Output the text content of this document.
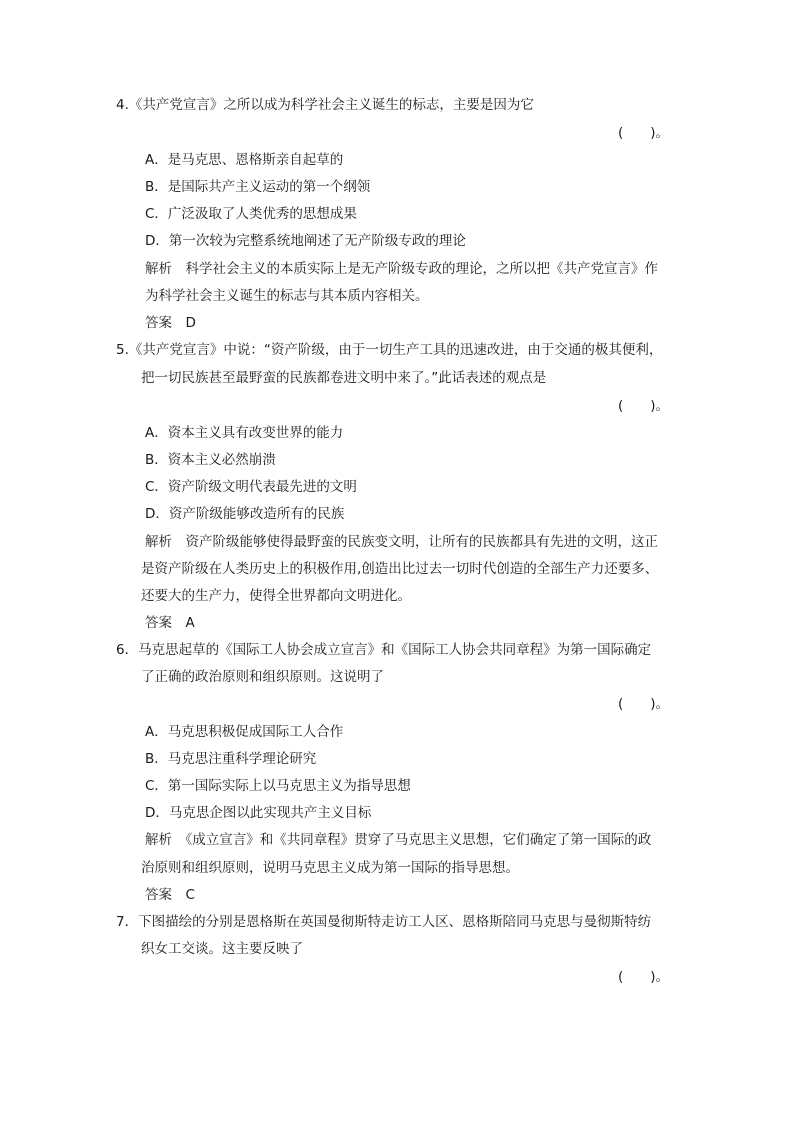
4.《共产党宣言》之所以成为科学社会主义诞生的标志，主要是因为它
(　　)。
A．是马克思、恩格斯亲自起草的
B．是国际共产主义运动的第一个纲领
C．广泛汲取了人类优秀的思想成果
D．第一次较为完整系统地阐述了无产阶级专政的理论
解析　科学社会主义的本质实际上是无产阶级专政的理论，之所以把《共产党宣言》作
为科学社会主义诞生的标志与其本质内容相关。
答案　D
5.《共产党宣言》中说：“资产阶级，由于一切生产工具的迅速改进，由于交通的极其便利，
把一切民族甚至最野蛮的民族都卷进文明中来了。”此话表述的观点是
(　　)。
A．资本主义具有改变世界的能力
B．资本主义必然崩溃
C．资产阶级文明代表最先进的文明
D．资产阶级能够改造所有的民族
解析　资产阶级能够使得最野蛮的民族变文明，让所有的民族都具有先进的文明，这正
是资产阶级在人类历史上的积极作用,创造出比过去一切时代创造的全部生产力还要多、
还要大的生产力，使得全世界都向文明进化。
答案　A
6．马克思起草的《国际工人协会成立宣言》和《国际工人协会共同章程》为第一国际确定
了正确的政治原则和组织原则。这说明了
(　　)。
A．马克思积极促成国际工人合作
B．马克思注重科学理论研究
C．第一国际实际上以马克思主义为指导思想
D．马克思企图以此实现共产主义目标
解析　《成立宣言》和《共同章程》贯穿了马克思主义思想，它们确定了第一国际的政
治原则和组织原则，说明马克思主义成为第一国际的指导思想。
答案　C
7．下图描绘的分别是恩格斯在英国曼彻斯特走访工人区、恩格斯陪同马克思与曼彻斯特纺
织女工交谈。这主要反映了
(　　)。
